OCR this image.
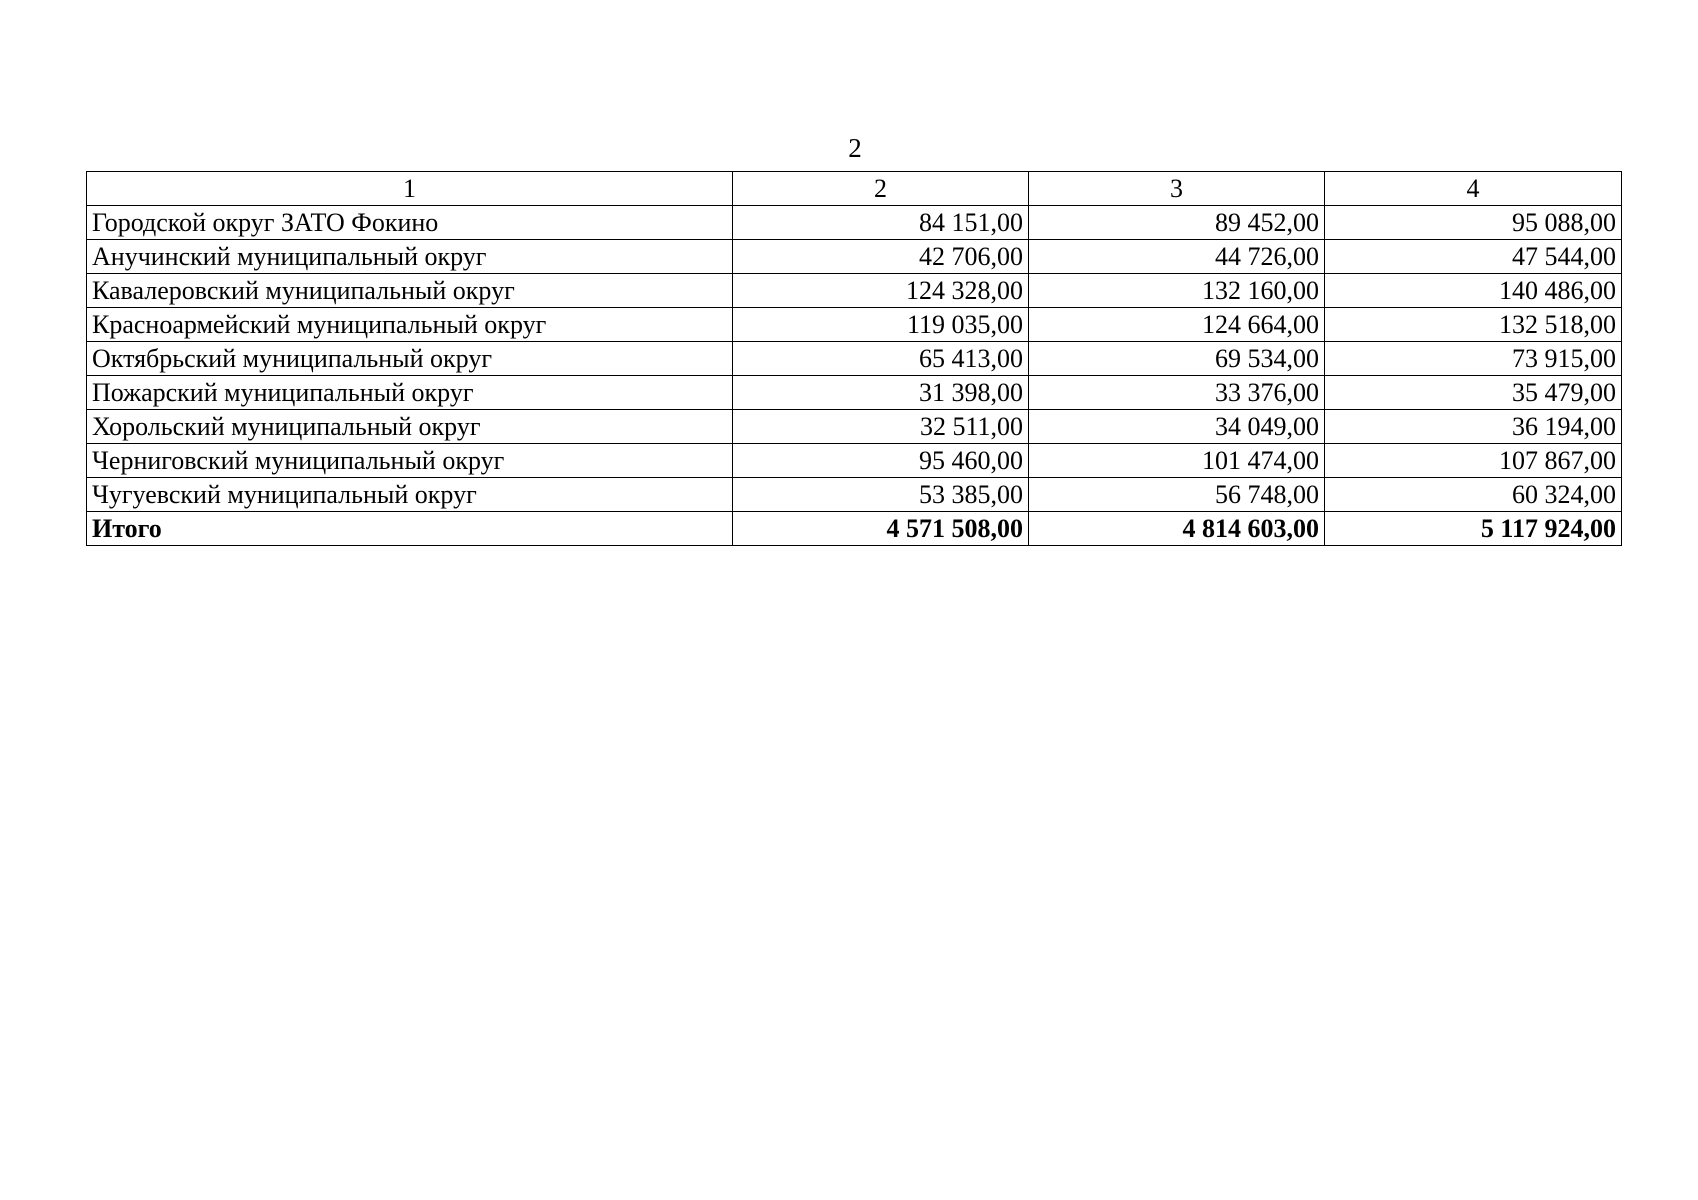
2
1	2	3	4
Городской округ ЗАТО Фокино	84 151,00	89 452,00	95 088,00
Анучинский муниципальный округ	42 706,00	44 726,00	47 544,00
Кавалеровский муниципальный округ	124 328,00	132 160,00	140 486,00
Красноармейский муниципальный округ	119 035,00	124 664,00	132 518,00
Октябрьский муниципальный округ	65 413,00	69 534,00	73 915,00
Пожарский муниципальный округ	31 398,00	33 376,00	35 479,00
Хорольский муниципальный округ	32 511,00	34 049,00	36 194,00
Черниговский муниципальный округ	95 460,00	101 474,00	107 867,00
Чугуевский муниципальный округ	53 385,00	56 748,00	60 324,00
Итого	4 571 508,00	4 814 603,00	5 117 924,00
